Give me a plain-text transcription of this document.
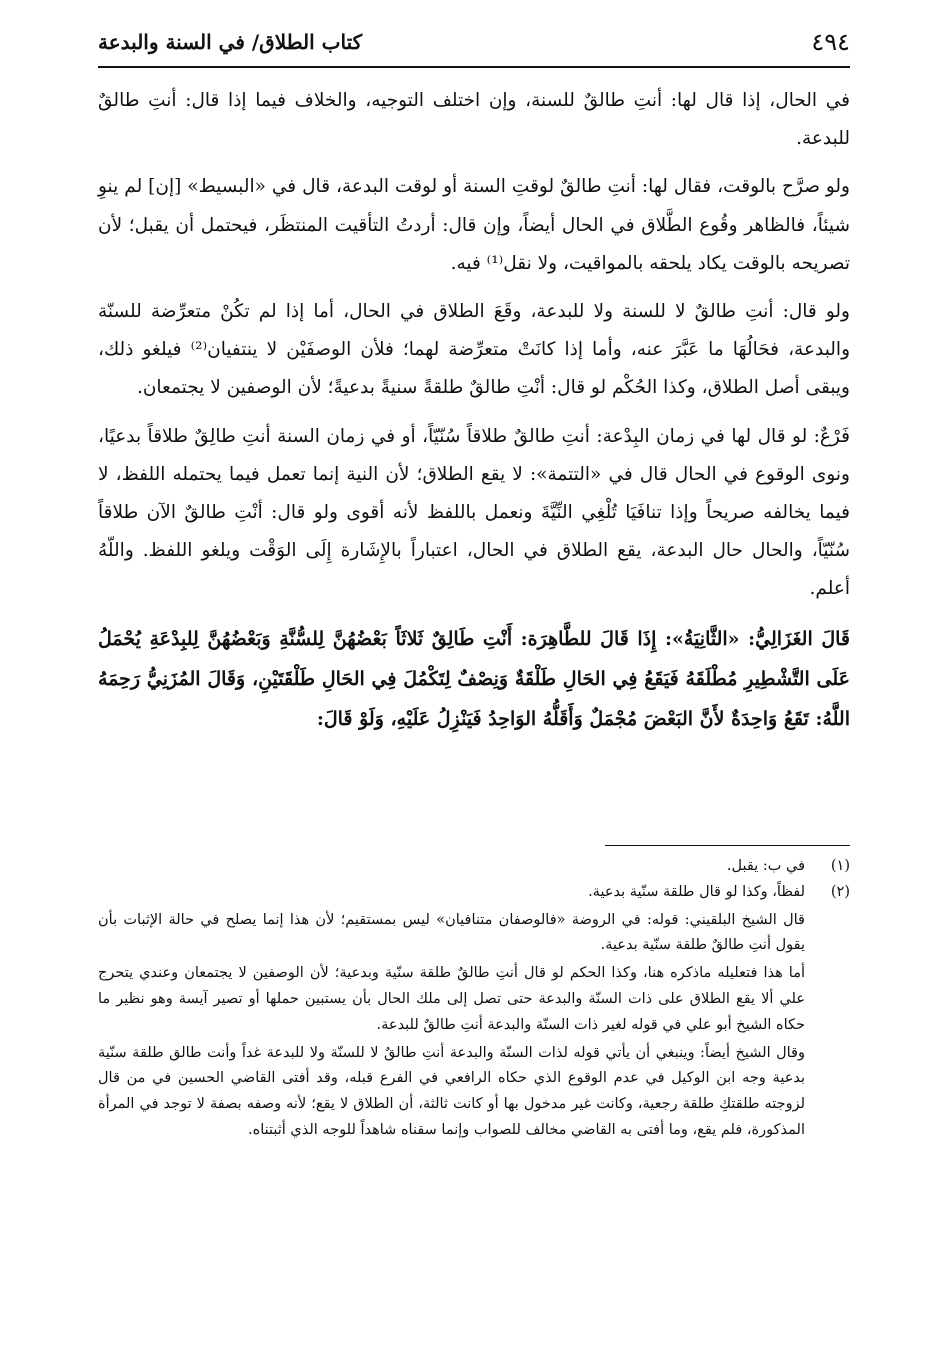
٤٩٤
كتاب الطلاق/ في السنة والبدعة

في الحال، إذا قال لها: أنتِ طالقٌ للسنة، وإن اختلف التوجيه، والخلاف فيما إذا قال: أنتِ طالقٌ للبدعة.

ولو صرَّح بالوقت، فقال لها: أنتِ طالقٌ لوقتِ السنة أو لوقت البدعة، قال في «البسيط» [إن] لم ينوِ شيئاً، فالظاهر وقُوع الطَّلاق في الحال أيضاً، وإن قال: أردتُ التأقيت المنتظَر، فيحتمل أن يقبل؛ لأن تصريحه بالوقت يكاد يلحقه بالمواقيت، ولا نقل⁽¹⁾ فيه.

ولو قال: أنتِ طالقٌ لا للسنة ولا للبدعة، وقَعَ الطلاق في الحال، أما إذا لم تكُنْ متعرِّضة للسنّة والبدعة، فحَالُهَا ما عَبَّرَ عنه، وأما إذا كانَتْ متعرِّضة لهما؛ فلأن الوصفَيْن لا ينتفيان⁽²⁾ فيلغو ذلك، ويبقى أصل الطلاق، وكذا الحُكْم لو قال: أنْتِ طالقٌ طلقةً سنيةً بدعيةً؛ لأن الوصفين لا يجتمعان.

فَرْعٌ: لو قال لها في زمان البِدْعة: أنتِ طالقٌ طلاقاً سُنّيّاً، أو في زمان السنة أنتِ طالِقٌ طلاقاً بدعيًا، ونوى الوقوع في الحال قال في «التتمة»: لا يقع الطلاق؛ لأن النية إنما تعمل فيما يحتمله اللفظ، لا فيما يخالفه صريحاً وإذا تنافَيَا تُلْغِي النِّيَّةَ ونعمل باللفظ لأنه أقوى ولو قال: أنْتِ طالقٌ الآن طلاقاً سُنّيّاً، والحال حال البدعة، يقع الطلاق في الحال، اعتباراً بالإِشَارة إِلَى الوَقْت ويلغو اللفظ. واللّهُ أعلم.

قَالَ الغَزَالِيُّ: «الثَّانِيَةُ»: إِذَا قَالَ للطَّاهِرَة: أَنْتِ طَالِقٌ ثَلاثَاً بَعْضُهُنَّ لِلسُّنَّةِ وَبَعْضُهُنَّ لِلبِدْعَةِ يُحْمَلُ عَلَى التَّشْطِيرِ مُطْلَقَهُ فَيَقَعُ فِي الحَالِ طَلْقَةٌ وَنِصْفٌ لِتَكْمُلَ فِي الحَالِ طَلْقَتَيْنِ، وَقَالَ المُزَنِيُّ رَحِمَهُ اللَّهُ: تَقَعُ وَاحِدَةٌ لأَنَّ البَعْضَ مُجْمَلٌ وَأَقَلُّهُ الوَاحِدُ فَيَنْزِلُ عَلَيْهِ، وَلَوْ قَالَ:

(١)
في ب: يقبل.
(٢)
لفظاً، وكذا لو قال طلقة سنّية بدعية.
قال الشيخ البلقيني: قوله: في الروضة «فالوصفان متنافيان» ليس بمستقيم؛ لأن هذا إنما يصلح في حالة الإثبات بأن يقول أنتِ طالقٌ طلقة سنّية بدعية.
أما هذا فتعليله ماذكره هنا، وكذا الحكم لو قال أنتِ طالقٌ طلقة سنّية وبدعية؛ لأن الوصفين لا يجتمعان وعندي يتحرج علي ألا يقع الطلاق على ذات السنّة والبدعة حتى تصل إلى ملك الحال بأن يستبين حملها أو تصير آيسة وهو نظير ما حكاه الشيخ أبو علي في قوله لغير ذات السنّة والبدعة أنتِ طالقٌ للبدعة.
وقال الشيخ أيضاً: وينبغي أن يأتي قوله لذات السنّة والبدعة أنتِ طالقٌ لا للسنّة ولا للبدعة غداً وأنت طالق طلقة سنّية بدعية وجه ابن الوكيل في عدم الوقوع الذي حكاه الرافعي في الفرع قبله، وقد أفتى القاضي الحسين في من قال لزوجته طلقتكِ طلقة رجعية، وكانت غير مدخول بها أو كانت ثالثة، أن الطلاق لا يقع؛ لأنه وصفه بصفة لا توجد في المرأة المذكورة، فلم يقع، وما أفتى به القاضي مخالف للصواب وإنما سقناه شاهداً للوجه الذي أثبتناه.
